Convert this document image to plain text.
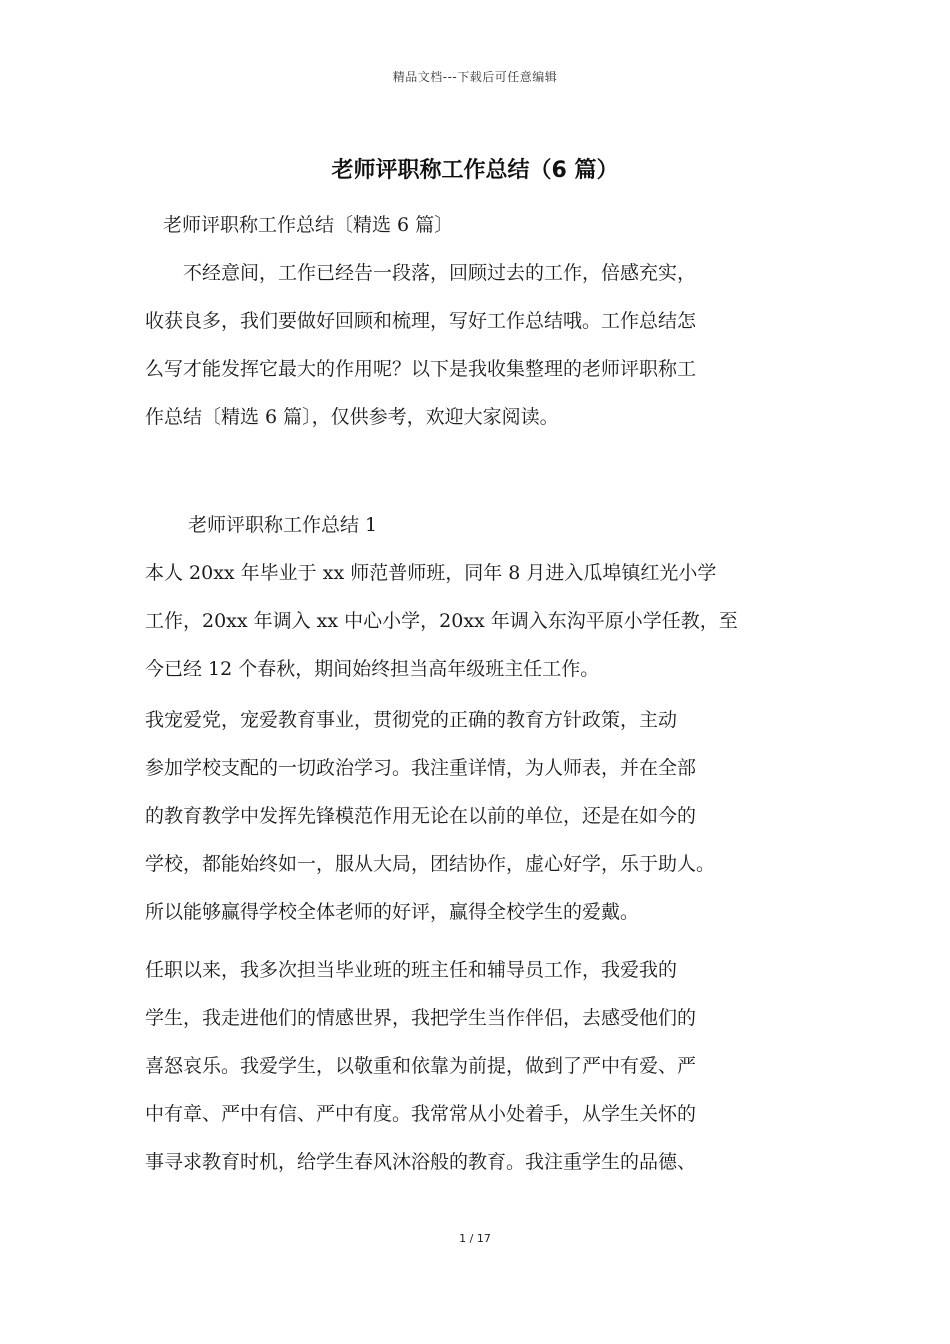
精品文档---下载后可任意编辑
老师评职称工作总结（6 篇）
老师评职称工作总结〔精选 6 篇〕
　　不经意间，工作已经告一段落，回顾过去的工作，倍感充实，
收获良多，我们要做好回顾和梳理，写好工作总结哦。工作总结怎
么写才能发挥它最大的作用呢？以下是我收集整理的老师评职称工
作总结〔精选 6 篇〕，仅供参考，欢迎大家阅读。
老师评职称工作总结 1
本人 20xx 年毕业于 xx 师范普师班，同年 8 月进入瓜埠镇红光小学
工作，20xx 年调入 xx 中心小学，20xx 年调入东沟平原小学任教，至
今已经 12 个春秋，期间始终担当高年级班主任工作。
我宠爱党，宠爱教育事业，贯彻党的正确的教育方针政策，主动
参加学校支配的一切政治学习。我注重详情，为人师表，并在全部
的教育教学中发挥先锋模范作用无论在以前的单位，还是在如今的
学校，都能始终如一，服从大局，团结协作，虚心好学，乐于助人。
所以能够赢得学校全体老师的好评，赢得全校学生的爱戴。
任职以来，我多次担当毕业班的班主任和辅导员工作，我爱我的
学生，我走进他们的情感世界，我把学生当作伴侣，去感受他们的
喜怒哀乐。我爱学生，以敬重和依靠为前提，做到了严中有爱、严
中有章、严中有信、严中有度。我常常从小处着手，从学生关怀的
事寻求教育时机，给学生春风沐浴般的教育。我注重学生的品德、
1 / 17
